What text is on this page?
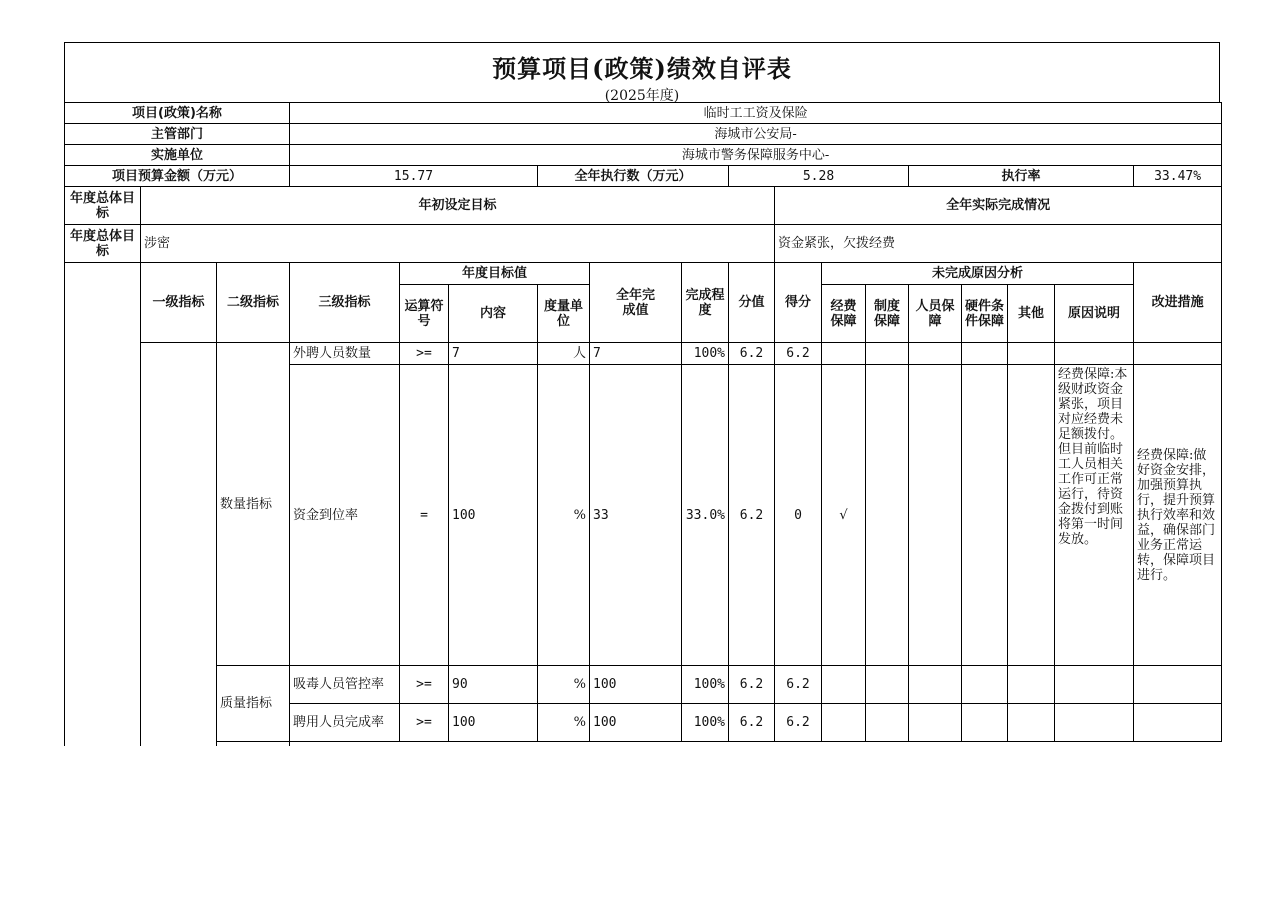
预算项目(政策)绩效自评表
(2025年度)
项目(政策)名称			临时工工资及保险														
主管部门			海城市公安局-														
实施单位			海城市警务保障服务中心-														
项目预算金额（万元）			15.77			全年执行数（万元）			5.28				执行率				33.47%
年度总体目标	年初设定目标									全年实际完成情况							
年度总体目标	涉密									资金紧张，欠拨经费							
	一级指标	二级指标	三级指标	年度目标值			全年完成值	完成程度	分值	得分	未完成原因分析						改进措施
				运算符号	内容	度量单位					经费保障	制度保障	人员保障	硬件条件保障	其他	原因说明	
		数量指标	外聘人员数量	>=	7	人	7	100%	6.2	6.2							
			资金到位率	=	100	%	33	33.0%	6.2	0	√					经费保障:本级财政资金紧张，项目对应经费未足额拨付。但目前临时工人员相关工作可正常运行，待资金拨付到账将第一时间发放。	经费保障:做好资金安排，加强预算执行，提升预算执行效率和效益，确保部门业务正常运转，保障项目进行。
		质量指标	吸毒人员管控率	>=	90	%	100	100%	6.2	6.2							
			聘用人员完成率	>=	100	%	100	100%	6.2	6.2							
